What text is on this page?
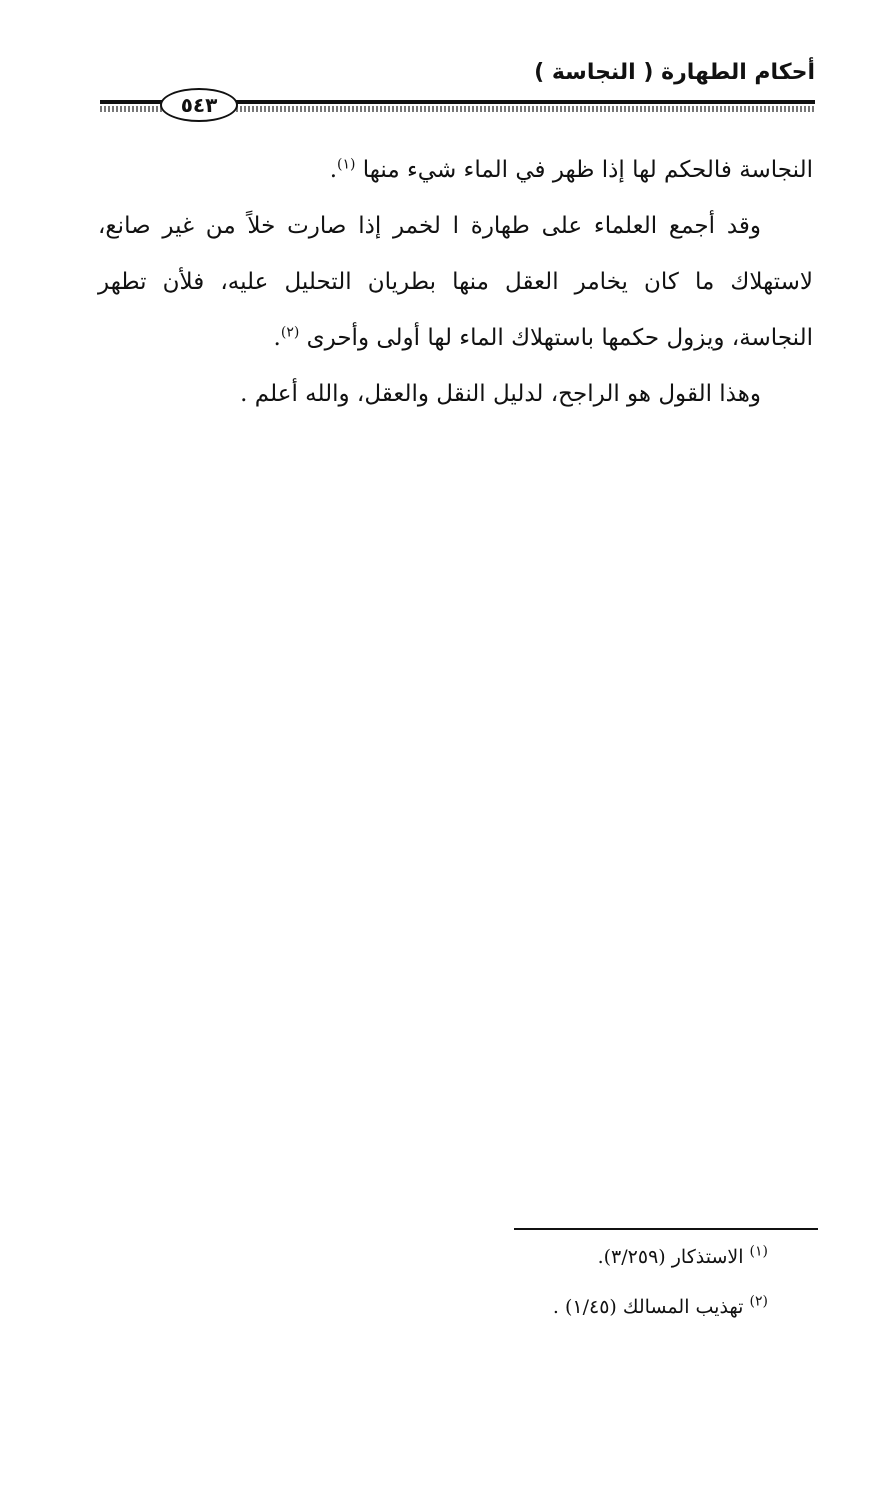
أحكام الطهارة ( النجاسة )
٥٤٣

النجاسة فالحكم لها إذا ظهر في الماء شيء منها $^{(١)}$.

وقد أجمع العلماء على طهارة ا لخمر إذا صارت خلاً من غير صانع، لاستهلاك ما كان يخامر العقل منها بطريان التحليل عليه، فلأن تطهر النجاسة، ويزول حكمها باستهلاك الماء لها أولى وأحرى $^{(٢)}$.

وهذا القول هو الراجح، لدليل النقل والعقل، والله أعلم .

$^{(١)}$ الاستذكار (٣/٢٥٩).

$^{(٢)}$ تهذيب المسالك (١/٤٥) .
